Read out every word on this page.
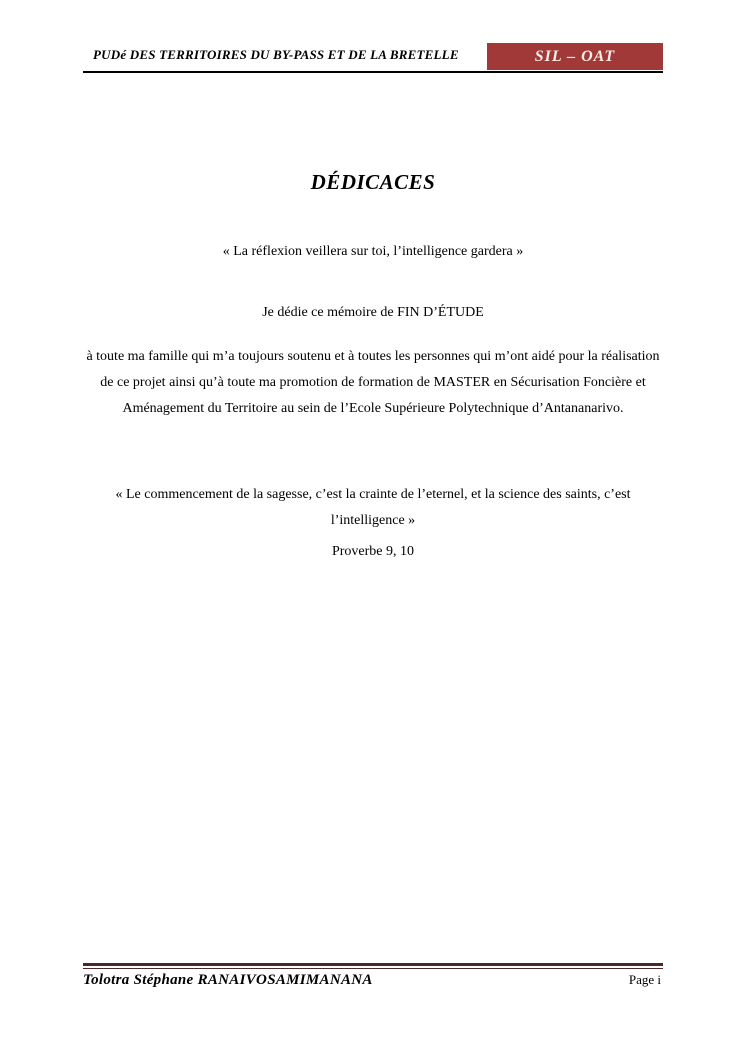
PUDé DES TERRITOIRES DU BY-PASS ET DE LA BRETELLE	SIL – OAT
DÉDICACES
« La réflexion veillera sur toi, l’intelligence gardera »
Je dédie ce mémoire de FIN D’ÉTUDE
à toute ma famille qui m’a toujours soutenu et à toutes les personnes qui m’ont aidé pour la réalisation de ce projet ainsi qu’à toute ma promotion de formation de MASTER en Sécurisation Foncière et Aménagement du Territoire au sein de l’Ecole Supérieure Polytechnique d’Antananarivo.
« Le commencement de la sagesse, c’est la crainte de l’eternel, et la science des saints, c’est l’intelligence »
Proverbe 9, 10
Tolotra Stéphane RANAIVOSAMIMANANA	Page i
